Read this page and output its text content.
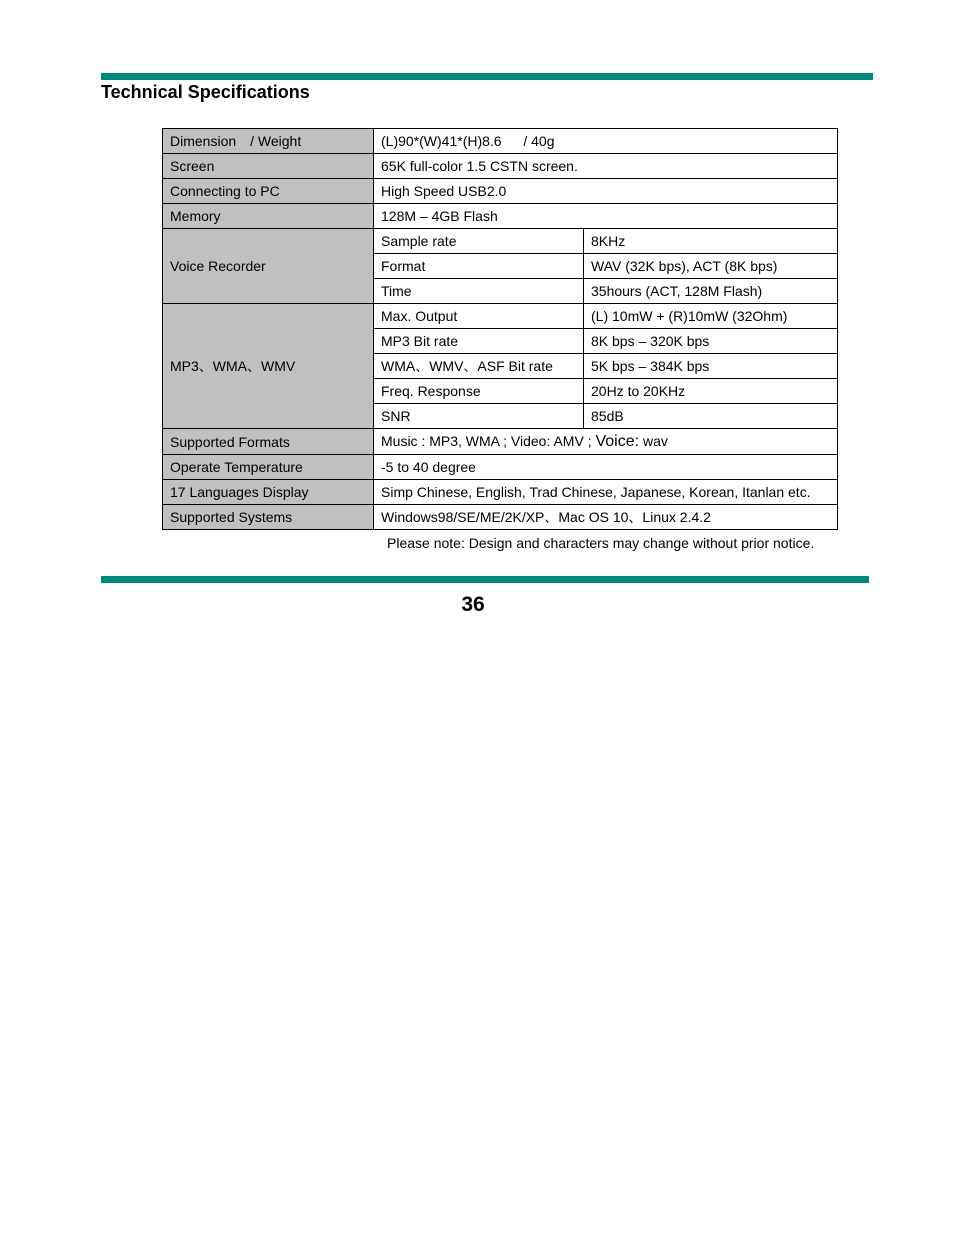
Technical Specifications
Dimension / Weight	(L)90*(W)41*(H)8.6   / 40g	
Screen	65K full-color 1.5 CSTN screen.	
Connecting to PC	High Speed USB2.0	
Memory	128M – 4GB Flash	
Voice Recorder	Sample rate	8KHz
	Format	WAV (32K bps), ACT (8K bps)
	Time	35hours (ACT, 128M Flash)
MP3、WMA、WMV	Max. Output	(L) 10mW + (R)10mW (32Ohm)
	MP3 Bit rate	8K bps – 320K bps
	WMA、WMV、ASF Bit rate	5K bps – 384K bps
	Freq. Response	20Hz to 20KHz
	SNR	85dB
Supported Formats	Music : MP3, WMA ; Video: AMV ; Voice: wav	
Operate Temperature	-5 to 40 degree	
17 Languages Display	Simp Chinese, English, Trad Chinese, Japanese, Korean, Itanlan etc.	
Supported Systems	Windows98/SE/ME/2K/XP、Mac OS 10、Linux 2.4.2	
Please note: Design and characters may change without prior notice.
36
